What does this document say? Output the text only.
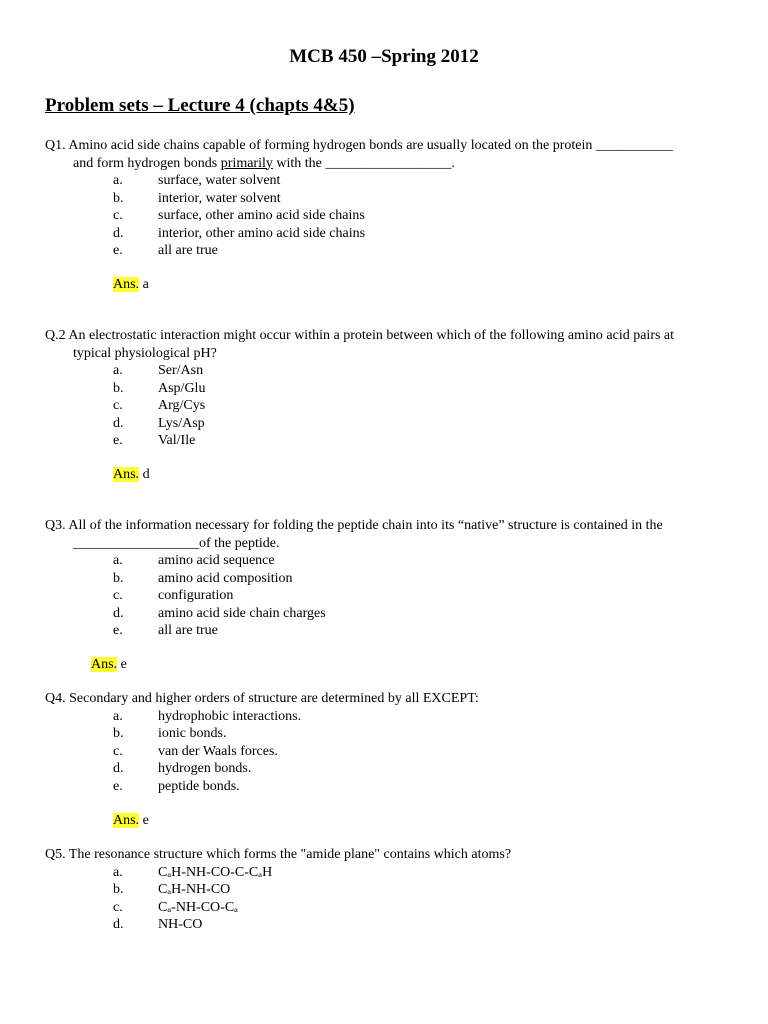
MCB 450 –Spring 2012
Problem sets – Lecture 4 (chapts 4&5)
Q1. Amino acid side chains capable of forming hydrogen bonds are usually located on the protein ___________
and form hydrogen bonds primarily with the __________________.
a.	surface, water solvent
b. interior, water solvent
c.	surface, other amino acid side chains
d. interior, other amino acid side chains
e.	all are true
Ans. a
Q.2 An electrostatic interaction might occur within a protein between which of the following amino acid pairs at
typical physiological pH?
a.	Ser/Asn
b. Asp/Glu
c.	Arg/Cys
d. Lys/Asp
e.	Val/Ile
Ans. d
Q3. All of the information necessary for folding the peptide chain into its “native” structure is contained in the
__________________of the peptide.
a.	amino acid sequence
b. amino acid composition
c.	configuration
d. amino acid side chain charges
e.	all are true
Ans. e
Q4. Secondary and higher orders of structure are determined by all EXCEPT:
a.	hydrophobic interactions.
b. ionic bonds.
c.	van der Waals forces.
d. hydrogen bonds.
e.	peptide bonds.
Ans. e
Q5. The resonance structure which forms the "amide plane" contains which atoms?
a.	CₐH-NH-CO-C-CₐH
b. CₐH-NH-CO
c.	Cₐ-NH-CO-Cₐ
d. NH-CO
